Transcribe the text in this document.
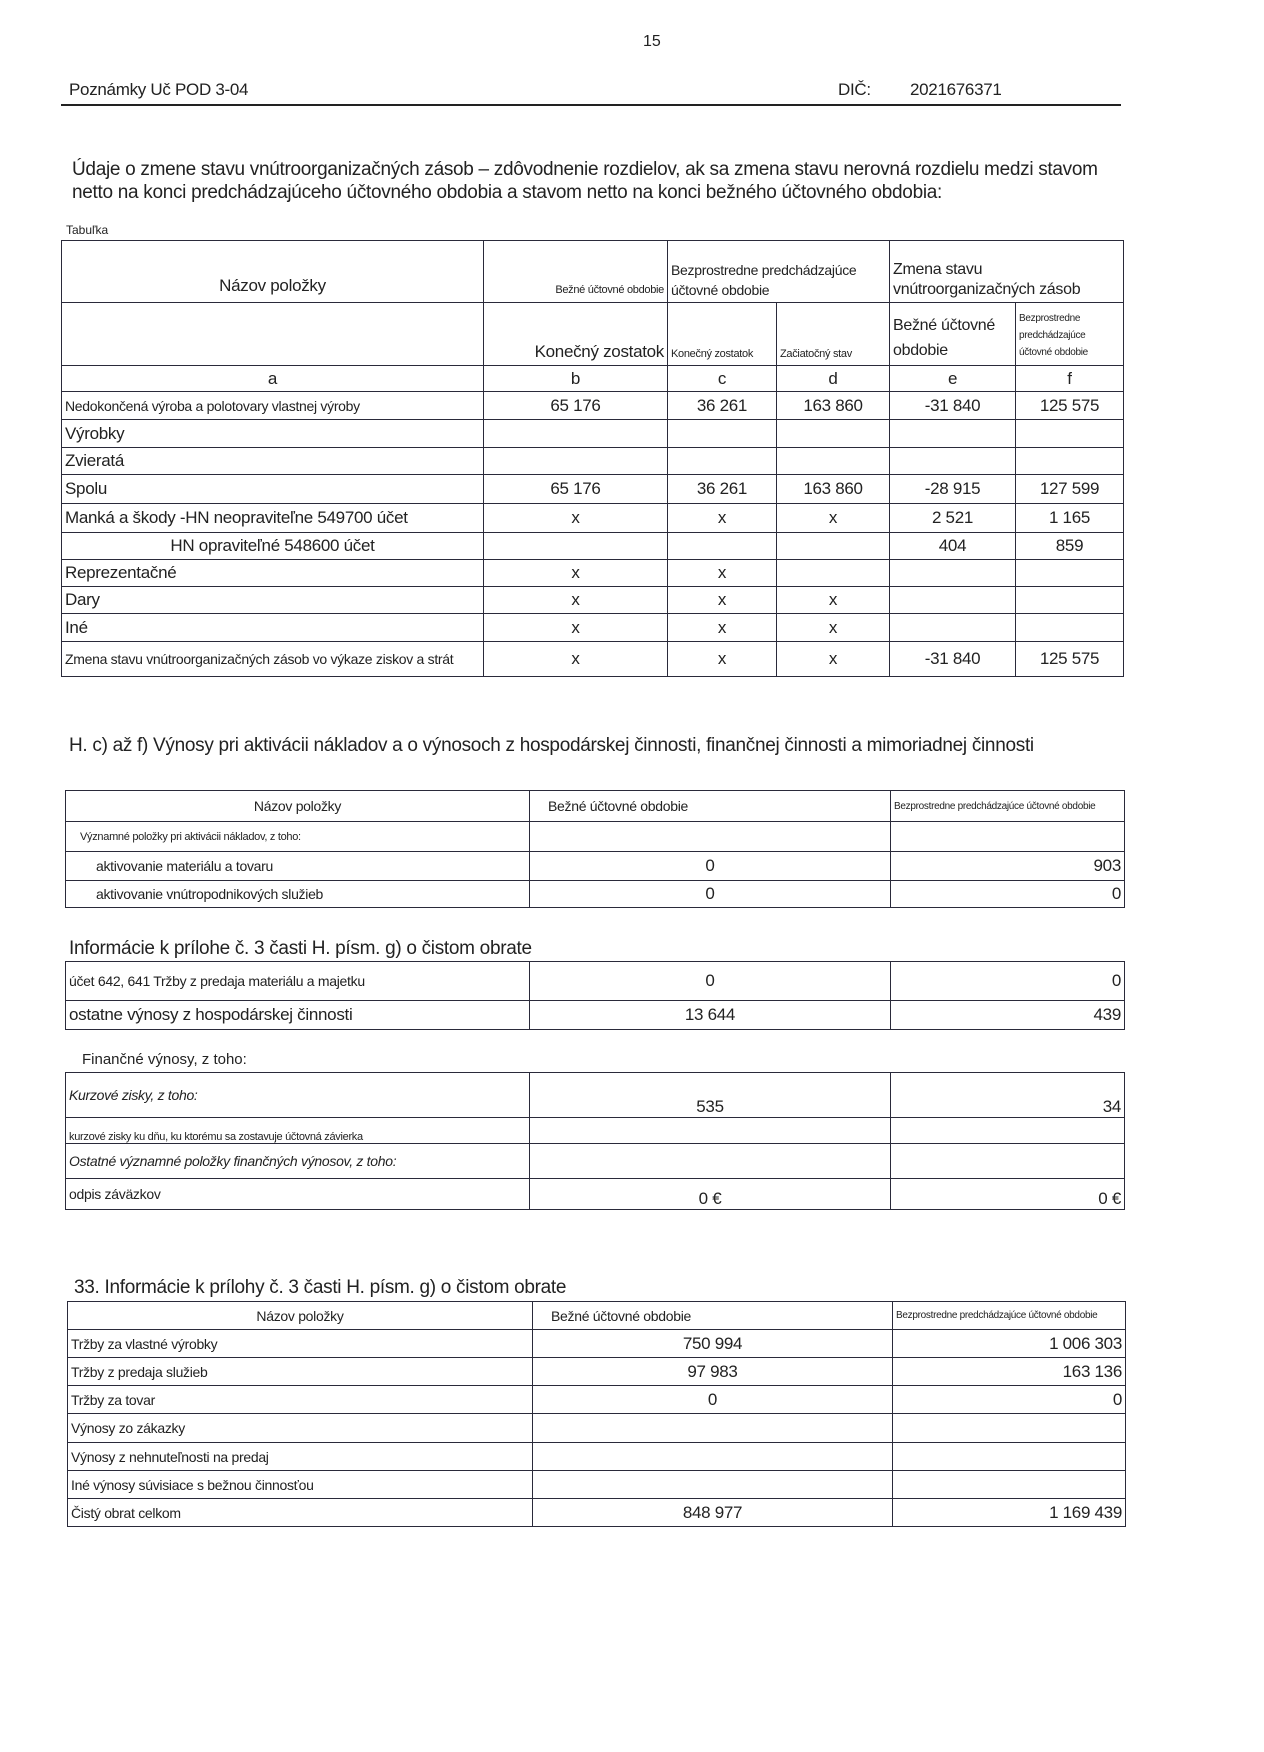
15
Poznámky Uč POD 3-04	DIČ: 2021676371
Údaje o zmene stavu vnútroorganizačných zásob – zdôvodnenie rozdielov, ak sa zmena stavu nerovná rozdielu medzi stavom netto na konci predchádzajúceho účtovného obdobia a stavom netto na konci bežného účtovného obdobia:
Tabuľka
Názov položky	Bežné účtovné obdobie	Bezprostredne predchádzajúce účtovné obdobie		Zmena stavu vnútroorganizačných zásob	
	Konečný zostatok	Konečný zostatok	Začiatočný stav	Bežné účtovné obdobie	Bezprostredne predchádzajúce účtovné obdobie
a	b	c	d	e	f
Nedokončená výroba a polotovary vlastnej výroby	65 176	36 261	163 860	-31 840	125 575
Výrobky					
Zvieratá					
Spolu	65 176	36 261	163 860	-28 915	127 599
Manká a škody -HN neopraviteľne 549700 účet	x	x	x	2 521	1 165
HN opraviteľné 548600 účet				404	859
Reprezentačné	x	x			
Dary	x	x	x		
Iné	x	x	x		
Zmena stavu vnútroorganizačných zásob vo výkaze ziskov a strát	x	x	x	-31 840	125 575
H. c) až f) Výnosy pri aktivácii nákladov a o výnosoch z hospodárskej činnosti, finančnej činnosti a mimoriadnej činnosti
Názov položky	Bežné účtovné obdobie	Bezprostredne predchádzajúce účtovné obdobie
Významné položky pri aktivácii nákladov, z toho:		
aktivovanie materiálu a tovaru	0	903
aktivovanie vnútropodnikových služieb	0	0
Informácie k prílohe č. 3 časti H. písm. g) o čistom obrate
účet 642, 641 Tržby z predaja materiálu a majetku	0	0
ostatne výnosy z hospodárskej činnosti	13 644	439
Finančné výnosy, z toho:
Kurzové zisky, z toho:	535	34
kurzové zisky ku dňu, ku ktorému sa zostavuje účtovná závierka		
Ostatné významné položky finančných výnosov, z toho:		
odpis záväzkov	0 €	0 €
33. Informácie k prílohy č. 3 časti H. písm. g) o čistom obrate
Názov položky	Bežné účtovné obdobie	Bezprostredne predchádzajúce účtovné obdobie
Tržby za vlastné výrobky	750 994	1 006 303
Tržby z predaja služieb	97 983	163 136
Tržby za tovar	0	0
Výnosy zo zákazky		
Výnosy z nehnuteľnosti na predaj		
Iné výnosy súvisiace s bežnou činnosťou		
Čistý obrat celkom	848 977	1 169 439
